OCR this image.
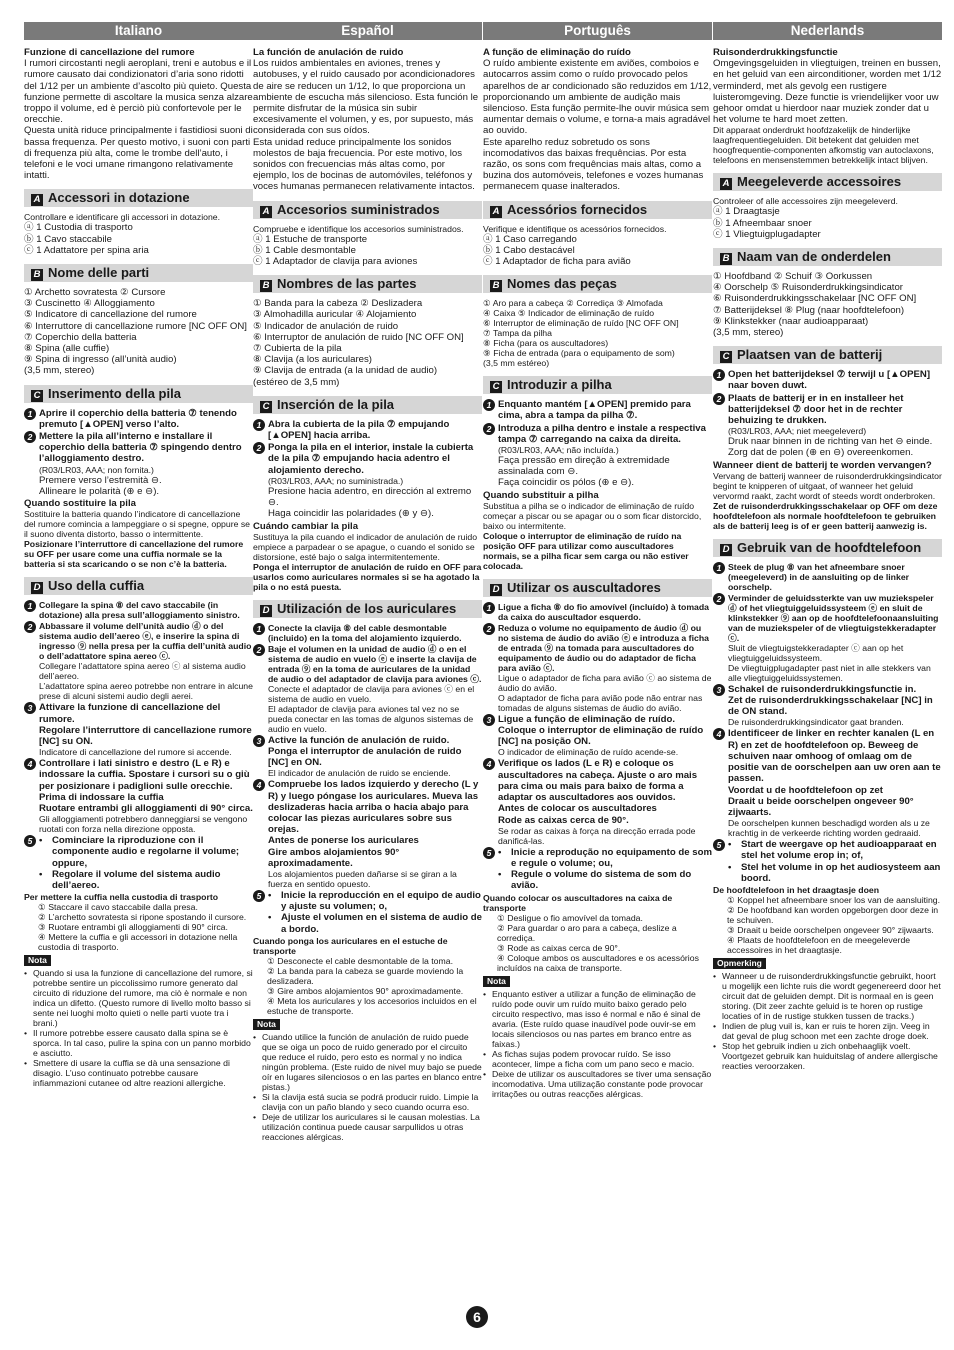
Italiano

Funzione di cancellazione del rumore

I rumori circostanti negli aeroplani, treni e autobus e il rumore causato dai condizionatori d’aria sono ridotti del 1/12 per un ambiente d’ascolto più quieto. Questa funzione permette di ascoltare la musica senza alzare troppo il volume, ed è perciò più confortevole per le orecchie.

Questa unità riduce principalmente i fastidiosi suoni di bassa frequenza. Per questo motivo, i suoni con parti di frequenza più alta, come le trombe dell’auto, i telefoni e le voci umane rimangono relativamente intatti.

A Accessori in dotazione

Controllare e identificare gli accessori in dotazione.

ⓐ 1 Custodia di trasporto

ⓑ 1 Cavo staccabile

ⓒ 1 Adattatore per spina aria

B Nome delle parti

① Archetto sovratesta ② Cursore

③ Cuscinetto ④ Alloggiamento

⑤ Indicatore di cancellazione del rumore

⑥ Interruttore di cancellazione rumore [NC OFF ON]

⑦ Coperchio della batteria

⑧ Spina (alle cuffie)

⑨ Spina di ingresso (all’unità audio)

(3,5 mm, stereo)

C Inserimento della pila
1 Aprire il coperchio della batteria ⑦ tenendo premuto [▲OPEN] verso l’alto.

2 Mettere la pila all’interno e installare il coperchio della batteria ⑦ spingendo dentro l’alloggiamento destro.

(R03/LR03, AAA; non fornita.)

Premere verso l’estremità ⊖.

Allineare le polarità (⊕ e ⊖).

Quando sostituire la pila

Sostituire la batteria quando l’indicatore di cancellazione del rumore comincia a lampeggiare o si spegne, oppure se il suono diventa distorto, basso o intermittente.

Posizionare l’interruttore di cancellazione del rumore su OFF per usare come una cuffia normale se la batteria si sta scaricando o se non c’è la batteria.

D Uso della cuffia
1 Collegare la spina ⑧ del cavo staccabile (in dotazione) alla presa sull’alloggiamento sinistro.

2 Abbassare il volume dell’unità audio ⓓ o del sistema audio dell’aereo ⓔ, e inserire la spina di ingresso ⑨ nella presa per la cuffia dell’unità audio o dell’adattatore spina aereo ⓒ.

Collegare l’adattatore spina aereo ⓒ al sistema audio dell’aereo.

L’adattatore spina aereo potrebbe non entrare in alcune prese di alcuni sistemi audio degli aerei.

3 Attivare la funzione di cancellazione del rumore.

Regolare l’interruttore di cancellazione rumore [NC] su ON.

Indicatore di cancellazione del rumore si accende.

4 Controllare i lati sinistro e destro (L e R) e indossare la cuffia. Spostare i cursori su o giù per posizionare i padiglioni sulle orecchie.

Prima di indossare la cuffia

Ruotare entrambi gli alloggiamenti di 90° circa.

Gli alloggiamenti potrebbero danneggiarsi se vengono ruotati con forza nella direzione opposta.

5 •	Cominciare la riproduzione con il componente audio e regolarne il volume; oppure,
•	Regolare il volume del sistema audio dell’aereo.

Per mettere la cuffia nella custodia di trasporto

① Staccare il cavo staccabile dalla presa.

② L’archetto sovratesta si ripone spostando il cursore.

③ Ruotare entrambi gli alloggiamenti di 90° circa.

④ Mettere la cuffia e gli accessori in dotazione nella custodia di trasporto.

Nota
• Quando si usa la funzione di cancellazione del rumore, si potrebbe sentire un piccolissimo rumore generato dal circuito di riduzione del rumore, ma ciò è normale e non indica un difetto. (Questo rumore di livello molto basso si sente nei luoghi molto quieti o nelle parti vuote tra i brani.)
• Il rumore potrebbe essere causato dalla spina se è sporca. In tal caso, pulire la spina con un panno morbido e asciutto.
• Smettere di usare la cuffia se dà una sensazione di disagio. L’uso continuato potrebbe causare infiammazioni cutanee od altre reazioni allergiche.
Español

La función de anulación de ruido

Los ruidos ambientales en aviones, trenes y autobuses, y el ruido causado por acondicionadores de aire se reducen un 1/12, lo que proporciona un ambiente de escucha más silencioso. Esta función le permite disfrutar de la música sin subir excesivamente el volumen, y es, por supuesto, más considerada con sus oídos.

Esta unidad reduce principalmente los sonidos molestos de baja frecuencia. Por este motivo, los sonidos con frecuencias más altas como, por ejemplo, los de bocinas de automóviles, teléfonos y voces humanas permanecen relativamente intactos.

A Accesorios suministrados

Compruebe e identifique los accesorios suministrados.

ⓐ 1 Estuche de transporte

ⓑ 1 Cable desmontable

ⓒ 1 Adaptador de clavija para aviones

B Nombres de las partes

① Banda para la cabeza ② Deslizadera

③ Almohadilla auricular ④ Alojamiento

⑤ Indicador de anulación de ruido

⑥ Interruptor de anulación de ruido [NC OFF ON]

⑦ Cubierta de la pila

⑧ Clavija (a los auriculares)

⑨ Clavija de entrada (a la unidad de audio)

(estéreo de 3,5 mm)

C Inserción de la pila
1 Abra la cubierta de la pila ⑦ empujando [▲OPEN] hacia arriba.

2 Ponga la pila en el interior, instale la cubierta de la pila ⑦ empujando hacia adentro el alojamiento derecho.

(R03/LR03, AAA; no suministrada.)

Presione hacia adentro, en dirección al extremo ⊖.

Haga coincidir las polaridades (⊕ y ⊖).

Cuándo cambiar la pila

Sustituya la pila cuando el indicador de anulación de ruido empiece a parpadear o se apague, o cuando el sonido se distorsione, esté bajo o salga intermitentemente.

Ponga el interruptor de anulación de ruido en OFF para usarlos como auriculares normales si se ha agotado la pila o no está puesta.

D Utilización de los auriculares
1 Conecte la clavija ⑧ del cable desmontable (incluido) en la toma del alojamiento izquierdo.

2 Baje el volumen en la unidad de audio ⓓ o en el sistema de audio en vuelo ⓔ e inserte la clavija de entrada ⑨ en la toma de auriculares de la unidad de audio o del adaptador de clavija para aviones ⓒ.

Conecte el adaptador de clavija para aviones ⓒ en el sistema de audio en vuelo.

El adaptador de clavija para aviones tal vez no se pueda conectar en las tomas de algunos sistemas de audio en vuelo.

3 Active la función de anulación de ruido.

Ponga el interruptor de anulación de ruido [NC] en ON.

El indicador de anulación de ruido se enciende.

4 Compruebe los lados izquierdo y derecho (L y R) y luego póngase los auriculares. Mueva las deslizaderas hacia arriba o hacia abajo para colocar las piezas auriculares sobre sus orejas.

Antes de ponerse los auriculares

Gire ambos alojamientos 90° aproximadamente.

Los alojamientos pueden dañarse si se giran a la fuerza en sentido opuesto.

5 •	Inicie la reproducción en el equipo de audio y ajuste su volumen; o,
•	Ajuste el volumen en el sistema de audio de a bordo.

Cuando ponga los auriculares en el estuche de transporte

① Desconecte el cable desmontable de la toma.

② La banda para la cabeza se guarde moviendo la deslizadera.

③ Gire ambos alojamientos 90° aproximadamente.

④ Meta los auriculares y los accesorios incluidos en el estuche de transporte.

Nota
• Cuando utilice la función de anulación de ruido puede que se oiga un poco de ruido generado por el circuito que reduce el ruido, pero esto es normal y no indica ningún problema. (Este ruido de nivel muy bajo se puede oír en lugares silenciosos o en las partes en blanco entre pistas.)
• Si la clavija está sucia se podrá producir ruido. Limpie la clavija con un paño blando y seco cuando ocurra eso.
• Deje de utilizar los auriculares si le causan molestias. La utilización continua puede causar sarpullidos u otras reacciones alérgicas.
Português

A função de eliminação do ruído

O ruído ambiente existente em aviões, comboios e autocarros assim como o ruído provocado pelos aparelhos de ar condicionado são reduzidos em 1/12, proporcionando um ambiente de audição mais silencioso. Esta função permite-lhe ouvir música sem aumentar demais o volume, e torna-a mais agradável ao ouvido.

Este aparelho reduz sobretudo os sons incomodativos das baixas frequências. Por esta razão, os sons com frequências mais altas, como a buzina dos automóveis, telefones e vozes humanas permanecem quase inalterados.

A Acessórios fornecidos

Verifique e identifique os acessórios fornecidos.

ⓐ 1 Caso carregando

ⓑ 1 Cabo destacável

ⓒ 1 Adaptador de ficha para avião

B Nomes das peças

① Aro para a cabeça ② Corrediça ③ Almofada

④ Caixa ⑤ Indicador de eliminação de ruído

⑥ Interruptor de eliminação de ruído [NC OFF ON]

⑦ Tampa da pilha

⑧ Ficha (para os auscultadores)

⑨ Ficha de entrada (para o equipamento de som)

(3,5 mm estéreo)

C Introduzir a pilha
1 Enquanto mantém [▲OPEN] premido para cima, abra a tampa da pilha ⑦.

2 Introduza a pilha dentro e instale a respectiva tampa ⑦ carregando na caixa da direita.

(R03/LR03, AAA; não incluída.)

Faça pressão em direção à extremidade assinalada com ⊖.

Faça coincidir os pólos (⊕ e ⊖).

Quando substituir a pilha

Substitua a pilha se o indicador de eliminação de ruído começar a piscar ou se apagar ou o som ficar distorcido, baixo ou intermitente.

Coloque o interruptor de eliminação de ruído na posição OFF para utilizar como auscultadores normais, se a pilha ficar sem carga ou não estiver colocada.

D Utilizar os auscultadores
1 Ligue a ficha ⑧ do fio amovível (incluído) à tomada da caixa do auscultador esquerdo.

2 Reduza o volume no equipamento de áudio ⓓ ou no sistema de áudio do avião ⓔ e introduza a ficha de entrada ⑨ na tomada para auscultadores do equipamento de áudio ou do adaptador de ficha para avião ⓒ.

Ligue o adaptador de ficha para avião ⓒ ao sistema de áudio do avião.

O adaptador de ficha para avião pode não entrar nas tomadas de alguns sistemas de áudio do avião.

3 Ligue a função de eliminação de ruído.

Coloque o interruptor de eliminação de ruído [NC] na posição ON.

O indicador de eliminação de ruído acende-se.

4 Verifique os lados (L e R) e coloque os auscultadores na cabeça. Ajuste o aro mais para cima ou mais para baixo de forma a adaptar os auscultadores aos ouvidos.

Antes de colocar os auscultadores

Rode as caixas cerca de 90°.

Se rodar as caixas à força na direcção errada pode danificá-las.

5 •	Inicie a reprodução no equipamento de som e regule o volume; ou,
•	Regule o volume do sistema de som do avião.

Quando colocar os auscultadores na caixa de transporte

① Desligue o fio amovível da tomada.

② Para guardar o aro para a cabeça, deslize a corrediça.

③ Rode as caixas cerca de 90°.

④ Coloque ambos os auscultadores e os acessórios incluídos na caixa de transporte.

Nota
• Enquanto estiver a utilizar a função de eliminação de ruído pode ouvir um ruído muito baixo gerado pelo circuito respectivo, mas isso é normal e não é sinal de avaria. (Este ruído quase inaudível pode ouvir-se em locais silenciosos ou nas partes em branco entre as faixas.)
• As fichas sujas podem provocar ruído. Se isso acontecer, limpe a ficha com um pano seco e macio.
• Deixe de utilizar os auscultadores se tiver uma sensação incomodativa. Uma utilização constante pode provocar irritações ou outras reacções alérgicas.
Nederlands

Ruisonderdrukkingsfunctie

Omgevingsgeluiden in vliegtuigen, treinen en bussen, en het geluid van een airconditioner, worden met 1/12 verminderd, met als gevolg een rustigere luisteromgeving. Deze functie is vriendelijker voor uw gehoor omdat u hierdoor naar muziek zonder dat u het volume te hard moet zetten.

Dit apparaat onderdrukt hoofdzakelijk de hinderlijke laagfrequentiegeluiden. Dit betekent dat geluiden met hoogfrequentie-componenten afkomstig van autoclaxons, telefoons en mensenstemmen betrekkelijk intact blijven.

A Meegeleverde accessoires

Controleer of alle accessoires zijn meegeleverd.

ⓐ 1 Draagtasje

ⓑ 1 Afneembaar snoer

ⓒ 1 Vliegtuigplugadapter

B Naam van de onderdelen

① Hoofdband ② Schuif ③ Oorkussen

④ Oorschelp ⑤ Ruisonderdrukkingsindicator

⑥ Ruisonderdrukkingsschakelaar [NC OFF ON]

⑦ Batterijdeksel ⑧ Plug (naar hoofdtelefoon)

⑨ Klinkstekker (naar audioapparaat)

(3,5 mm, stereo)

C Plaatsen van de batterij
1 Open het batterijdeksel ⑦ terwijl u [▲OPEN] naar boven duwt.

2 Plaats de batterij er in en installeer het batterijdeksel ⑦ door het in de rechter behuizing te drukken.

(R03/LR03, AAA; niet meegeleverd)

Druk naar binnen in de richting van het ⊖ einde.

Zorg dat de polen (⊕ en ⊖) overeenkomen.

Wanneer dient de batterij te worden vervangen?

Vervang de batterij wanneer de ruisonderdrukkingsindicator begint te knipperen of uitgaat, of wanneer het geluid vervormd raakt, zacht wordt of steeds wordt onderbroken.

Zet de ruisonderdrukkingsschakelaar op OFF om deze hoofdtelefoon als normale hoofdtelefoon te gebruiken als de batterij leeg is of er geen batterij aanwezig is.

D Gebruik van de hoofdtelefoon
1 Steek de plug ⑧ van het afneembare snoer (meegeleverd) in de aansluiting op de linker oorschelp.

2 Verminder de geluidssterkte van uw muziekspeler ⓓ of het vliegtuiggeluidssysteem ⓔ en sluit de klinkstekker ⑨ aan op de hoofdtelefoonaansluiting van de muziekspeler of de vliegtuigstekkeradapter ⓒ.

Sluit de vliegtuigstekkeradapter ⓒ aan op het vliegtuiggeluidssysteem.

De vliegtuigplugadapter past niet in alle stekkers van alle vliegtuiggeluidssystemen.

3 Schakel de ruisonderdrukkingsfunctie in.

Zet de ruisonderdrukkingsschakelaar [NC] in de ON stand.

De ruisonderdrukkingsindicator gaat branden.

4 Identificeer de linker en rechter kanalen (L en R) en zet de hoofdtelefoon op. Beweeg de schuiven naar omhoog of omlaag om de positie van de oorschelpen aan uw oren aan te passen.

Voordat u de hoofdtelefoon op zet

Draait u beide oorschelpen ongeveer 90° zijwaarts.

De oorschelpen kunnen beschadigd worden als u ze krachtig in de verkeerde richting worden gedraaid.

5 •	Start de weergave op het audioapparaat en stel het volume erop in; of,
•	Stel het volume in op het audiosysteem aan boord.

De hoofdtelefoon in het draagtasje doen

① Koppel het afneembare snoer los van de aansluiting.

② De hoofdband kan worden opgeborgen door deze in te schuiven.

③ Draait u beide oorschelpen ongeveer 90° zijwaarts.

④ Plaats de hoofdtelefoon en de meegeleverde accessoires in het draagtasje.

Opmerking
• Wanneer u de ruisonderdrukkingsfunctie gebruikt, hoort u mogelijk een lichte ruis die wordt gegenereerd door het circuit dat de geluiden dempt. Dit is normaal en is geen storing. (Dit zeer zachte geluid is te horen op rustige locaties of in de rustige stukken tussen de tracks.)
• Indien de plug vuil is, kan er ruis te horen zijn. Veeg in dat geval de plug schoon met een zachte droge doek.
• Stop het gebruik indien u zich onbehaaglijk voelt. Voortgezet gebruik kan huiduitslag of andere allergische reacties veroorzaken.
6
